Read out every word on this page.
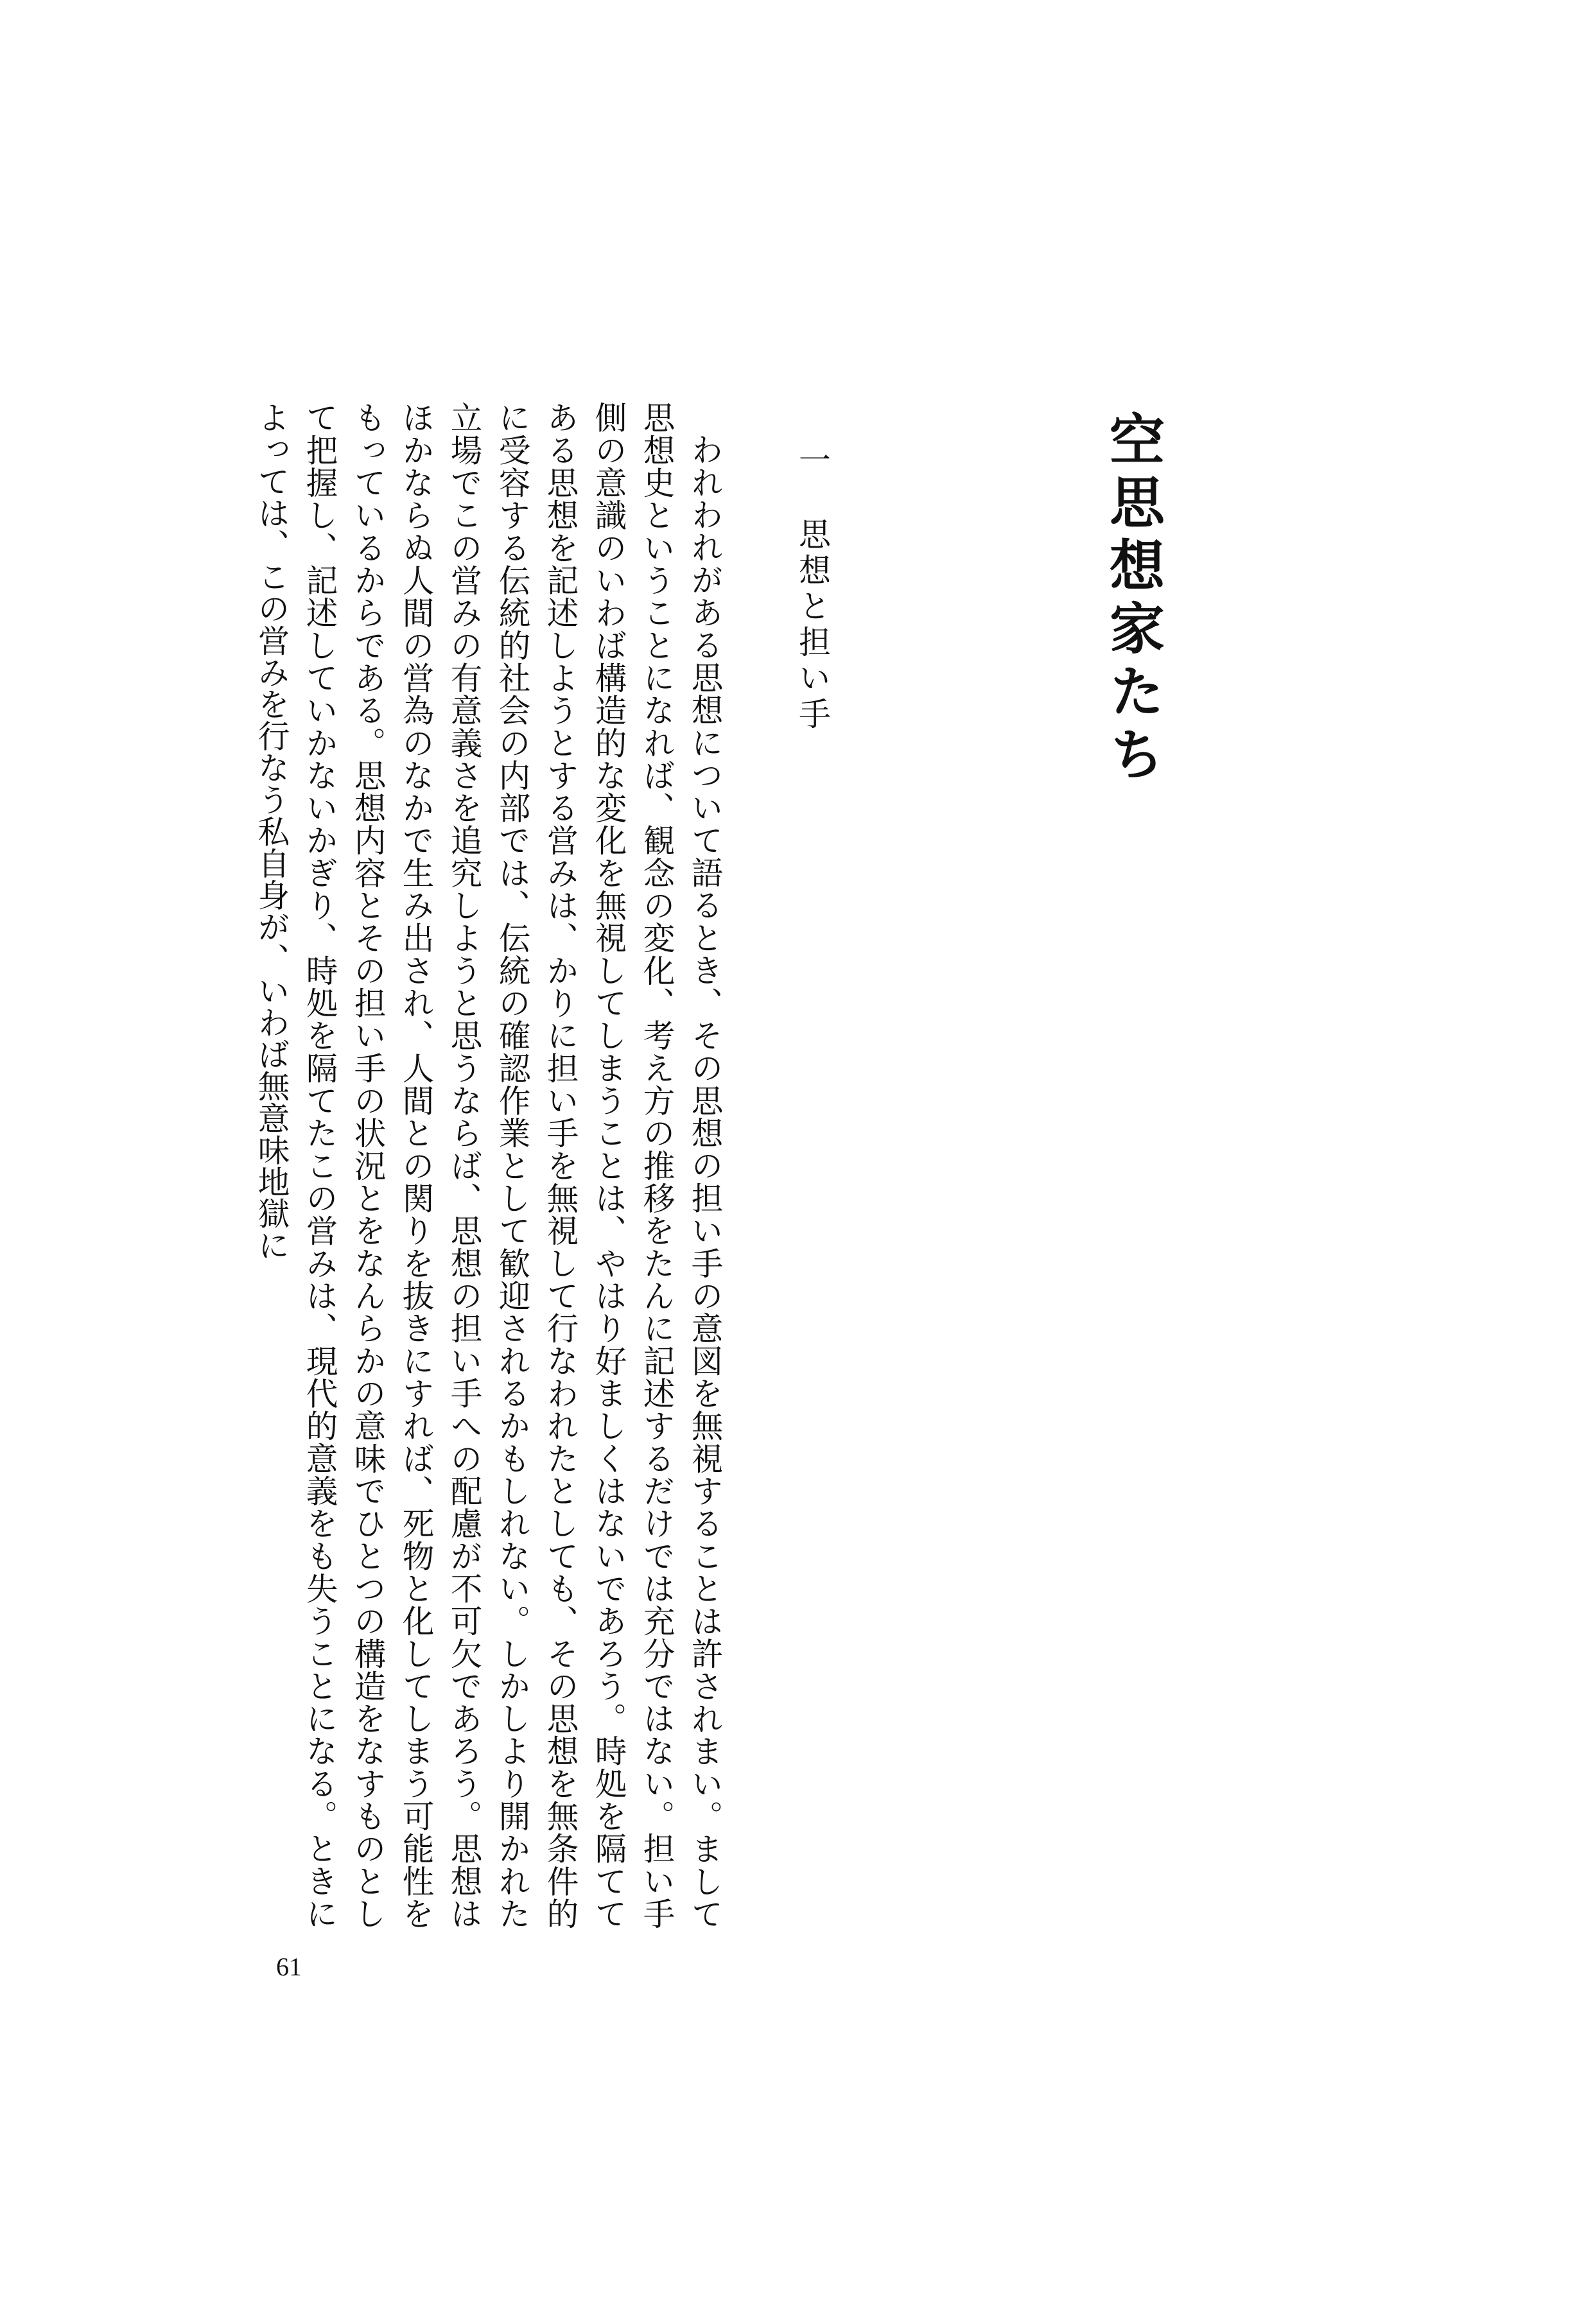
空思想家たち
一思想と担い手

われわれがある思想について語るとき、その思想の担い手の意図を無視することは許されまい。まして思想史ということになれば、観念の変化、考え方の推移をたんに記述するだけでは充分ではない。担い手側の意識のいわば構造的な変化を無視してしまうことは、やはり好ましくはないであろう。時処を隔ててある思想を記述しようとする営みは、かりに担い手を無視して行なわれたとしても、その思想を無条件的に受容する伝統的社会の内部では、伝統の確認作業として歓迎されるかもしれない。しかしより開かれた立場でこの営みの有意義さを追究しようと思うならば、思想の担い手への配慮が不可欠であろう。思想はほかならぬ人間の営為のなかで生み出され、人間との関りを抜きにすれば、死物と化してしまう可能性をもっているからである。思想内容とその担い手の状況とをなんらかの意味でひとつの構造をなすものとして把握し、記述していかないかぎり、時処を隔てたこの営みは、現代的意義をも失うことになる。ときによっては、この営みを行なう私自身が、いわば無意味地獄に

61
